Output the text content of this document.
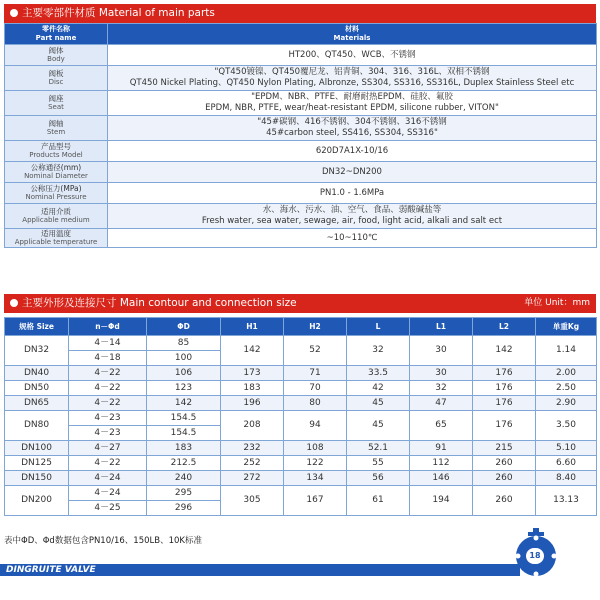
主要零部件材质 Material of main parts
零件名称
Part name	材料
Materials
阀体
Body	HT200、QT450、WCB、不锈钢
阀板
Disc	"QT450镀镍、QT450覆尼龙、铝青铜、304、316、316L、双相不锈钢
QT450 Nickel Plating、QT450 Nylon Plating, Albronze, SS304, SS316, SS316L, Duplex Stainless Steel etc
阀座
Seat	"EPDM、NBR、PTFE、耐磨耐热EPDM、硅胶、氟胶
EPDM, NBR, PTFE, wear/heat-resistant EPDM, silicone rubber, VITON"
阀轴
Stem	"45#碳钢、416不锈钢、304不锈钢、316不锈钢
45#carbon steel, SS416, SS304, SS316"
产品型号
Products Model	620D7A1X-10/16
公称通径(mm)
Nominal Diameter	DN32~DN200
公称压力(MPa)
Nominal Pressure	PN1.0 - 1.6MPa
适用介质
Applicable medium	水、海水、污水、油、空气、食品、弱酸碱盐等
Fresh water, sea water, sewage, air, food, light acid, alkali and salt ect
适用温度
Applicable temperature	~10~110℃
主要外形及连接尺寸 Main contour and connection size	单位 Unit：mm
规格 Size	n－Φd	ΦD	H1	H2	L	L1	L2	单重Kg
DN32	4－14	85	142	52	32	30	142	1.14
	4－18	100						
DN40	4－22	106	173	71	33.5	30	176	2.00
DN50	4－22	123	183	70	42	32	176	2.50
DN65	4－22	142	196	80	45	47	176	2.90
DN80	4－23	154.5	208	94	45	65	176	3.50
	4－23	154.5						
DN100	4－27	183	232	108	52.1	91	215	5.10
DN125	4－22	212.5	252	122	55	112	260	6.60
DN150	4－24	240	272	134	56	146	260	8.40
DN200	4－24	295	305	167	61	194	260	13.13
	4－25	296						
表中ΦD、Φd数据包含PN10/16、150LB、10K标准
DINGRUITE VALVE
18
